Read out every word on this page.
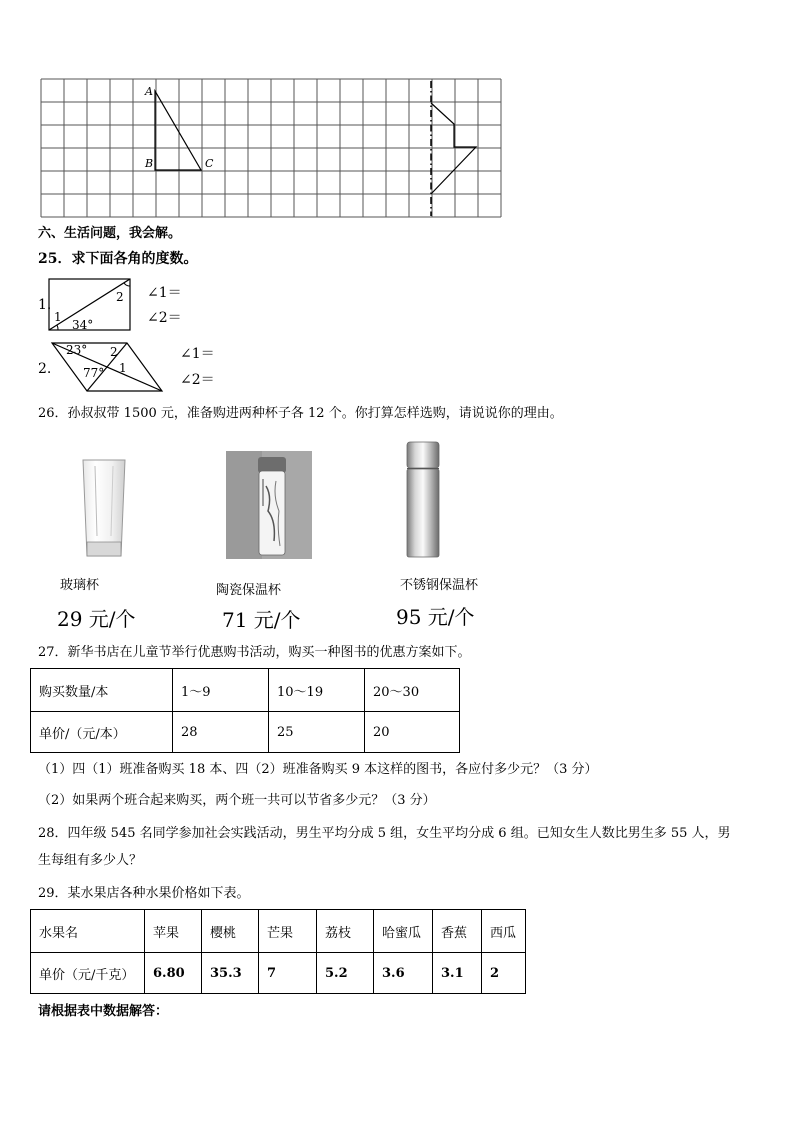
A
B	C
六、生活问题，我会解。
25．求下面各角的度数。
1.
1
2
34°
∠1＝
∠2＝
2.
23° 2
1
77°
∠1＝
∠2＝
26．孙叔叔带 1500 元，准备购进两种杯子各 12 个。你打算怎样选购，请说说你的理由。
玻璃杯
29 元/个
陶瓷保温杯
71 元/个
不锈钢保温杯
95 元/个
27．新华书店在儿童节举行优惠购书活动，购买一种图书的优惠方案如下。
购买数量/本	1～9	10～19	20～30
单价/（元/本）	28	25	20
（1）四（1）班准备购买 18 本、四（2）班准备购买 9 本这样的图书，各应付多少元？（3 分）
（2）如果两个班合起来购买，两个班一共可以节省多少元？（3 分）
28．四年级 545 名同学参加社会实践活动，男生平均分成 5 组，女生平均分成 6 组。已知女生人数比男生多 55 人，男
生每组有多少人？
29．某水果店各种水果价格如下表。
水果名	苹果	樱桃	芒果	荔枝	哈蜜瓜	香蕉	西瓜
单价（元/千克）	6.80	35.3	7	5.2	3.6	3.1	2
请根据表中数据解答：
